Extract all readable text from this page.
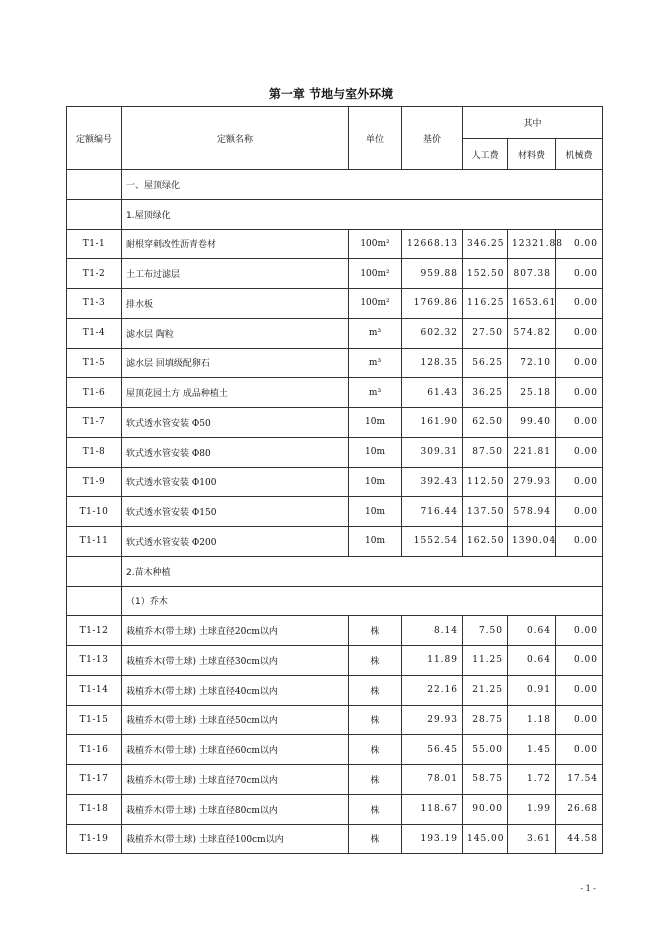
第一章 节地与室外环境
定额编号	定额名称	单位	基价	其中		
				人工费	材料费	机械费
	一、屋顶绿化					
	1.屋顶绿化					
T1-1	耐根穿刺改性沥青卷材	100m²	12668.13	346.25	12321.88	0.00
T1-2	土工布过滤层	100m²	959.88	152.50	807.38	0.00
T1-3	排水板	100m²	1769.86	116.25	1653.61	0.00
T1-4	滤水层 陶粒	m³	602.32	27.50	574.82	0.00
T1-5	滤水层 回填级配卵石	m³	128.35	56.25	72.10	0.00
T1-6	屋顶花园土方 成品种植土	m³	61.43	36.25	25.18	0.00
T1-7	软式透水管安装 Φ50	10m	161.90	62.50	99.40	0.00
T1-8	软式透水管安装 Φ80	10m	309.31	87.50	221.81	0.00
T1-9	软式透水管安装 Φ100	10m	392.43	112.50	279.93	0.00
T1-10	软式透水管安装 Φ150	10m	716.44	137.50	578.94	0.00
T1-11	软式透水管安装 Φ200	10m	1552.54	162.50	1390.04	0.00
	2.苗木种植					
	（1）乔木					
T1-12	栽植乔木(带土球) 土球直径20cm以内	株	8.14	7.50	0.64	0.00
T1-13	栽植乔木(带土球) 土球直径30cm以内	株	11.89	11.25	0.64	0.00
T1-14	栽植乔木(带土球) 土球直径40cm以内	株	22.16	21.25	0.91	0.00
T1-15	栽植乔木(带土球) 土球直径50cm以内	株	29.93	28.75	1.18	0.00
T1-16	栽植乔木(带土球) 土球直径60cm以内	株	56.45	55.00	1.45	0.00
T1-17	栽植乔木(带土球) 土球直径70cm以内	株	78.01	58.75	1.72	17.54
T1-18	栽植乔木(带土球) 土球直径80cm以内	株	118.67	90.00	1.99	26.68
T1-19	栽植乔木(带土球) 土球直径100cm以内	株	193.19	145.00	3.61	44.58
- 1 -
